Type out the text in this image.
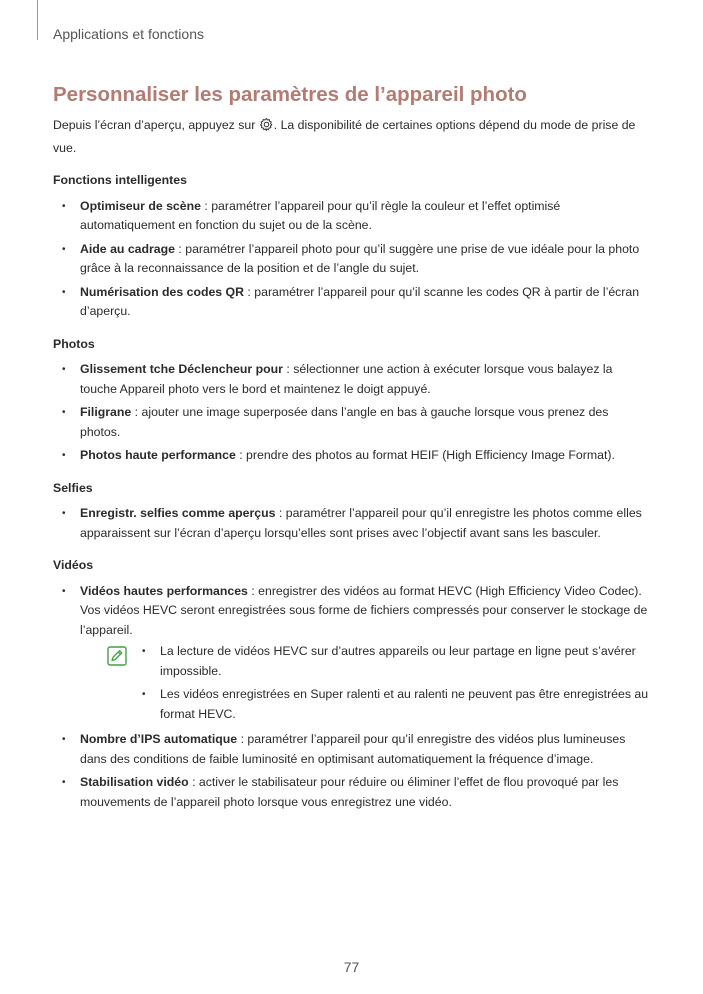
Applications et fonctions
Personnaliser les paramètres de l’appareil photo

Depuis l’écran d’aperçu, appuyez sur . La disponibilité de certaines options dépend du mode de prise de vue.

Fonctions intelligentes
• Optimiseur de scène : paramétrer l’appareil pour qu’il règle la couleur et l’effet optimisé automatiquement en fonction du sujet ou de la scène.
• Aide au cadrage : paramétrer l’appareil photo pour qu’il suggère une prise de vue idéale pour la photo grâce à la reconnaissance de la position et de l’angle du sujet.
• Numérisation des codes QR : paramétrer l’appareil pour qu’il scanne les codes QR à partir de l’écran d’aperçu.
Photos
• Glissement tche Déclencheur pour : sélectionner une action à exécuter lorsque vous balayez la touche Appareil photo vers le bord et maintenez le doigt appuyé.
• Filigrane : ajouter une image superposée dans l’angle en bas à gauche lorsque vous prenez des photos.
• Photos haute performance : prendre des photos au format HEIF (High Efficiency Image Format).
Selfies
• Enregistr. selfies comme aperçus : paramétrer l’appareil pour qu’il enregistre les photos comme elles apparaissent sur l’écran d’aperçu lorsqu’elles sont prises avec l’objectif avant sans les basculer.
Vidéos
• Vidéos hautes performances : enregistrer des vidéos au format HEVC (High Efficiency Video Codec). Vos vidéos HEVC seront enregistrées sous forme de fichiers compressés pour conserver le stockage de l’appareil.
• La lecture de vidéos HEVC sur d’autres appareils ou leur partage en ligne peut s’avérer impossible.
• Les vidéos enregistrées en Super ralenti et au ralenti ne peuvent pas être enregistrées au format HEVC.
• Nombre d’IPS automatique : paramétrer l’appareil pour qu’il enregistre des vidéos plus lumineuses dans des conditions de faible luminosité en optimisant automatiquement la fréquence d’image.
• Stabilisation vidéo : activer le stabilisateur pour réduire ou éliminer l’effet de flou provoqué par les mouvements de l’appareil photo lorsque vous enregistrez une vidéo.
77
